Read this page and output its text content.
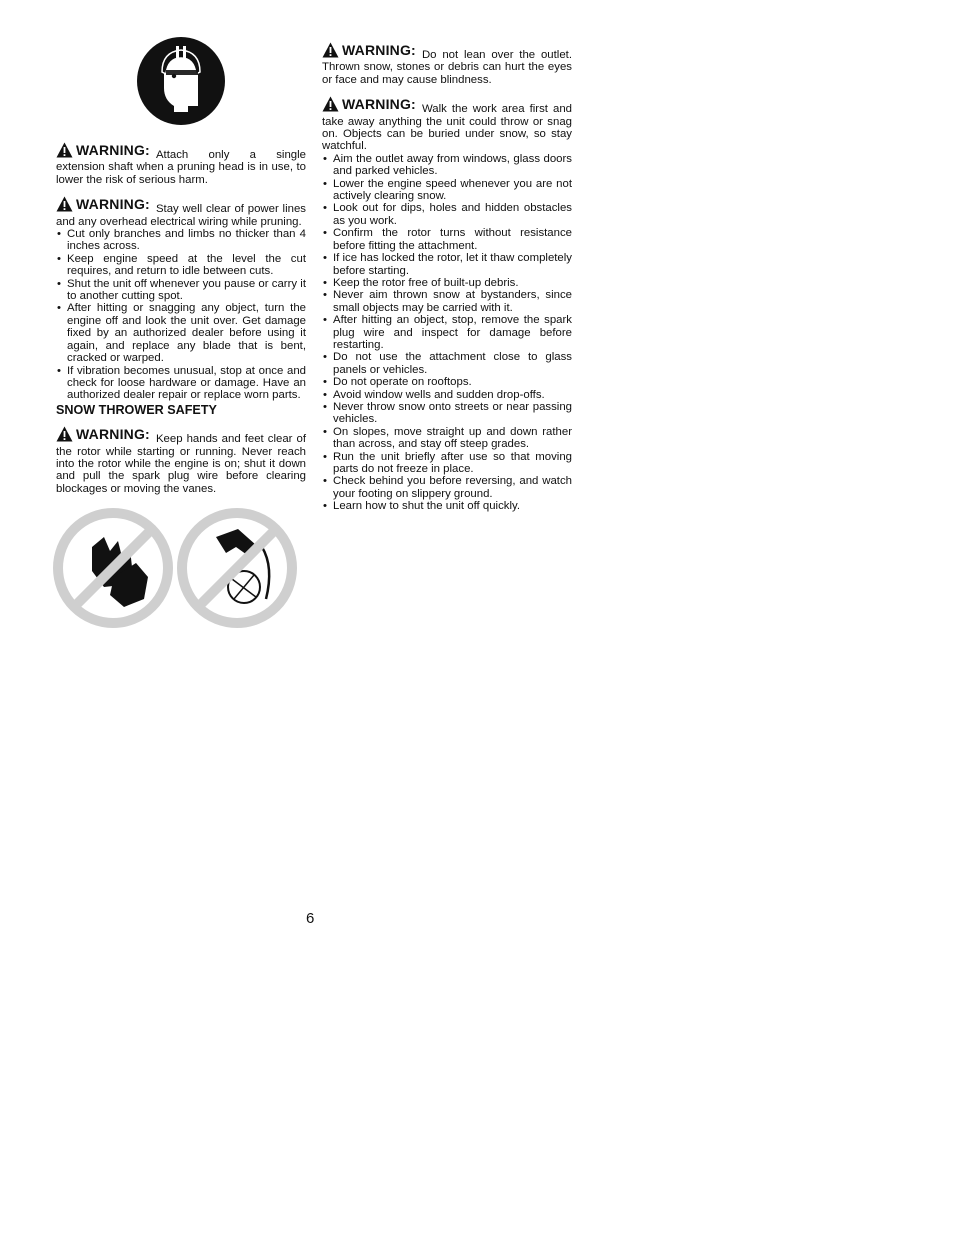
WARNING: Attach only a single extension shaft when a pruning head is in use, to lower the risk of serious harm.
WARNING: Stay well clear of power lines and any overhead electrical wiring while pruning.
• Cut only branches and limbs no thicker than 4 inches across.
• Keep engine speed at the level the cut requires, and return to idle between cuts.
• Shut the unit off whenever you pause or carry it to another cutting spot.
• After hitting or snagging any object, turn the engine off and look the unit over. Get damage fixed by an authorized dealer before using it again, and replace any blade that is bent, cracked or warped.
• If vibration becomes unusual, stop at once and check for loose hardware or damage. Have an authorized dealer repair or replace worn parts.
SNOW THROWER SAFETY
WARNING: Keep hands and feet clear of the rotor while starting or running. Never reach into the rotor while the engine is on; shut it down and pull the spark plug wire before clearing blockages or moving the vanes.
WARNING: Do not lean over the outlet. Thrown snow, stones or debris can hurt the eyes or face and may cause blindness.
WARNING: Walk the work area first and take away anything the unit could throw or snag on. Objects can be buried under snow, so stay watchful.
• Aim the outlet away from windows, glass doors and parked vehicles.
• Lower the engine speed whenever you are not actively clearing snow.
• Look out for dips, holes and hidden obstacles as you work.
• Confirm the rotor turns without resistance before fitting the attachment.
• If ice has locked the rotor, let it thaw completely before starting.
• Keep the rotor free of built-up debris.
• Never aim thrown snow at bystanders, since small objects may be carried with it.
• After hitting an object, stop, remove the spark plug wire and inspect for damage before restarting.
• Do not use the attachment close to glass panels or vehicles.
• Do not operate on rooftops.
• Avoid window wells and sudden drop-offs.
• Never throw snow onto streets or near passing vehicles.
• On slopes, move straight up and down rather than across, and stay off steep grades.
• Run the unit briefly after use so that moving parts do not freeze in place.
• Check behind you before reversing, and watch your footing on slippery ground.
• Learn how to shut the unit off quickly.
6
